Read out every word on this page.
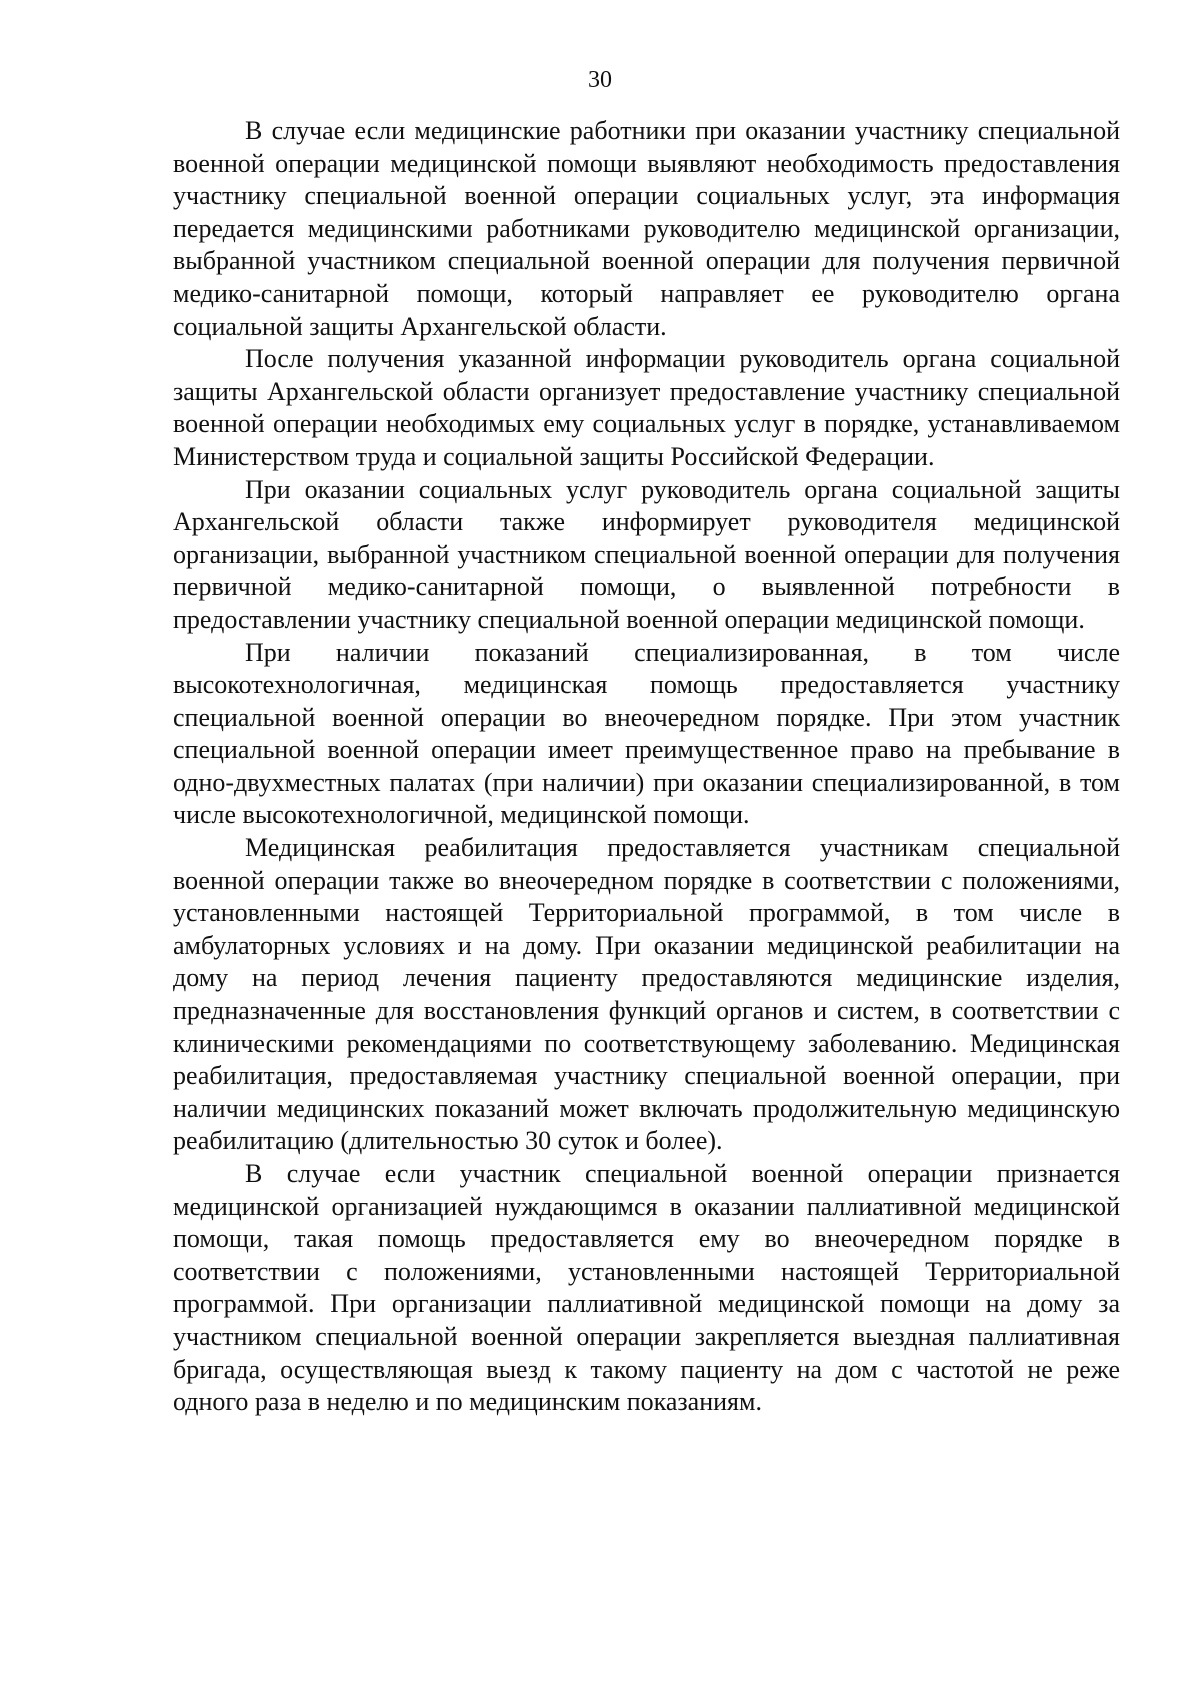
30

В случае если медицинские работники при оказании участнику специальной военной операции медицинской помощи выявляют необходимость предоставления участнику специальной военной операции социальных услуг, эта информация передается медицинскими работниками руководителю медицинской организации, выбранной участником специальной военной операции для получения первичной медико-санитарной помощи, который направляет ее руководителю органа социальной защиты Архангельской области.

После получения указанной информации руководитель органа социальной защиты Архангельской области организует предоставление участнику специальной военной операции необходимых ему социальных услуг в порядке, устанавливаемом Министерством труда и социальной защиты Российской Федерации.

При оказании социальных услуг руководитель органа социальной защиты Архангельской области также информирует руководителя медицинской организации, выбранной участником специальной военной операции для получения первичной медико-санитарной помощи, о выявленной потребности в предоставлении участнику специальной военной операции медицинской помощи.

При наличии показаний специализированная, в том числе высокотехнологичная, медицинская помощь предоставляется участнику специальной военной операции во внеочередном порядке. При этом участник специальной военной операции имеет преимущественное право на пребывание в одно-двухместных палатах (при наличии) при оказании специализированной, в том числе высокотехнологичной, медицинской помощи.

Медицинская реабилитация предоставляется участникам специальной военной операции также во внеочередном порядке в соответствии с положениями, установленными настоящей Территориальной программой, в том числе в амбулаторных условиях и на дому. При оказании медицинской реабилитации на дому на период лечения пациенту предоставляются медицинские изделия, предназначенные для восстановления функций органов и систем, в соответствии с клиническими рекомендациями по соответствующему заболеванию. Медицинская реабилитация, предоставляемая участнику специальной военной операции, при наличии медицинских показаний может включать продолжительную медицинскую реабилитацию (длительностью 30 суток и более).

В случае если участник специальной военной операции признается медицинской организацией нуждающимся в оказании паллиативной медицинской помощи, такая помощь предоставляется ему во внеочередном порядке в соответствии с положениями, установленными настоящей Территориальной программой. При организации паллиативной медицинской помощи на дому за участником специальной военной операции закрепляется выездная паллиативная бригада, осуществляющая выезд к такому пациенту на дом с частотой не реже одного раза в неделю и по медицинским показаниям.
